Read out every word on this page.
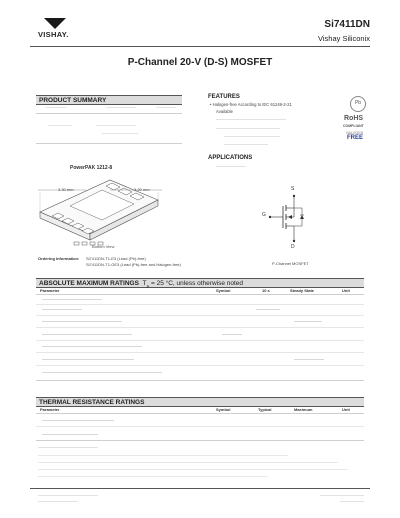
VISHAY.
Si7411DN
Vishay Siliconix
P-Channel 20-V (D-S) MOSFET
PRODUCT SUMMARY	FEATURES
• Halogen-free According to IEC 61249-2-21
Available
Pb
RoHS
COMPLIANT
HALOGEN
FREE
APPLICATIONS
PowerPAK 1212-8
3.30 mm	3.30 mm
Bottom View
S
G
D
P-Channel MOSFET
Ordering Information: Si7411DN-T1-E3 (Lead (Pb)-free)
Si7411DN-T1-GE3 (Lead (Pb)-free and Halogen-free)
ABSOLUTE MAXIMUM RATINGS $T_A = 25$ °C, unless otherwise noted
Parameter	Symbol	10 s	Steady State	Unit
THERMAL RESISTANCE RATINGS
Parameter	Symbol	Typical	Maximum	Unit
